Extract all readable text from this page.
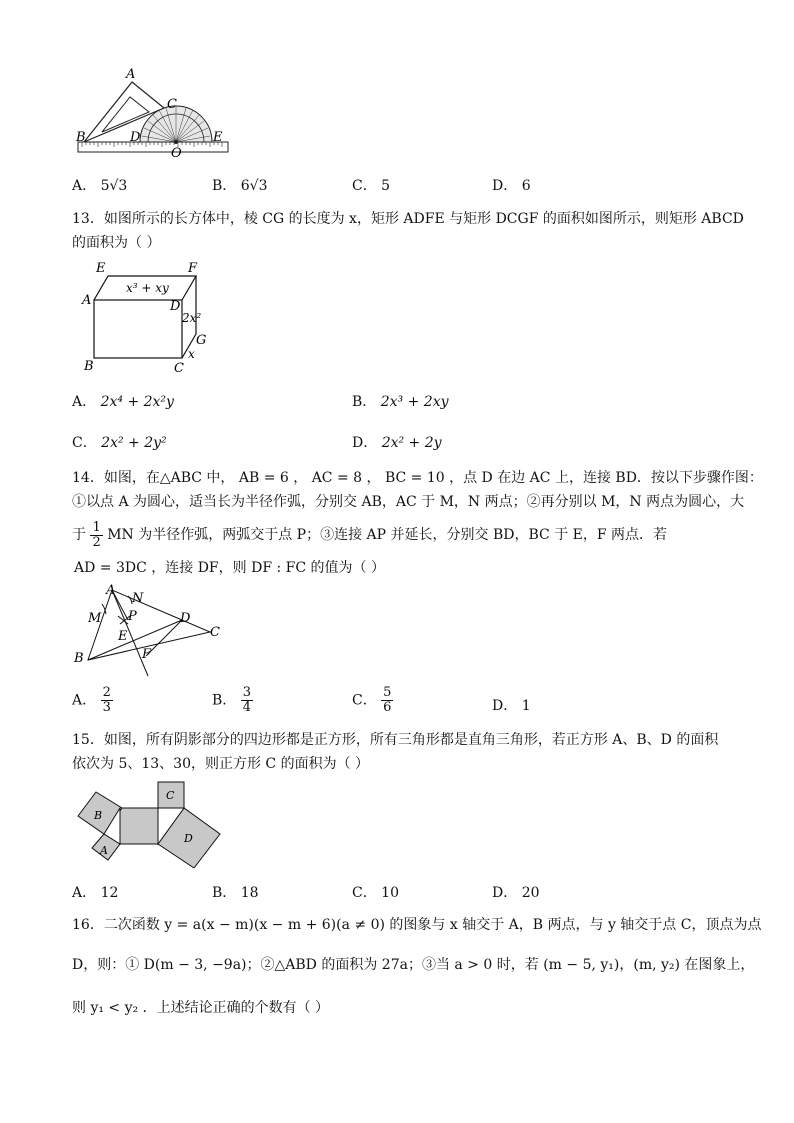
A
C
B	D	E
O
A． 5√3	B． 6√3	C． 5	D． 6
13．如图所示的长方体中，棱 CG 的长度为 x，矩形 ADFE 与矩形 DCGF 的面积如图所示，则矩形 ABCD
的面积为（ ）
E	F
A	D
B	C
G
x³ + xy
2x²
x
A． 2x⁴ + 2x²y	B． 2x³ + 2xy
C． 2x² + 2y²	D． 2x² + 2y
14．如图，在△ABC 中， AB = 6 ， AC = 8 ， BC = 10 ，点 D 在边 AC 上，连接 BD．按以下步骤作图：
①以点 A 为圆心，适当长为半径作弧，分别交 AB，AC 于 M，N 两点；②再分别以 M，N 两点为圆心，大
于 $\frac{1}{2}$ MN 为半径作弧，两弧交于点 P；③连接 AP 并延长，分别交 BD，BC 于 E，F 两点．若
AD = 3DC ，连接 DF，则 DF : FC 的值为（ ）
A
N
M P	D
C
E
F
B
A． $\frac{2}{3}$	B． $\frac{3}{4}$	C． $\frac{5}{6}$	D． 1
15．如图，所有阴影部分的四边形都是正方形，所有三角形都是直角三角形，若正方形 A、B、D 的面积
依次为 5、13、30，则正方形 C 的面积为（ ）
B
A
C
D
A． 12	B． 18	C． 10	D． 20
16．二次函数 y = a(x − m)(x − m + 6)(a ≠ 0) 的图象与 x 轴交于 A，B 两点，与 y 轴交于点 C，顶点为点
D，则：① D(m − 3, −9a)；②△ABD 的面积为 27a；③当 a > 0 时，若 (m − 5, y₁)，(m, y₂) 在图象上，
则 y₁ < y₂ ．上述结论正确的个数有（ ）
